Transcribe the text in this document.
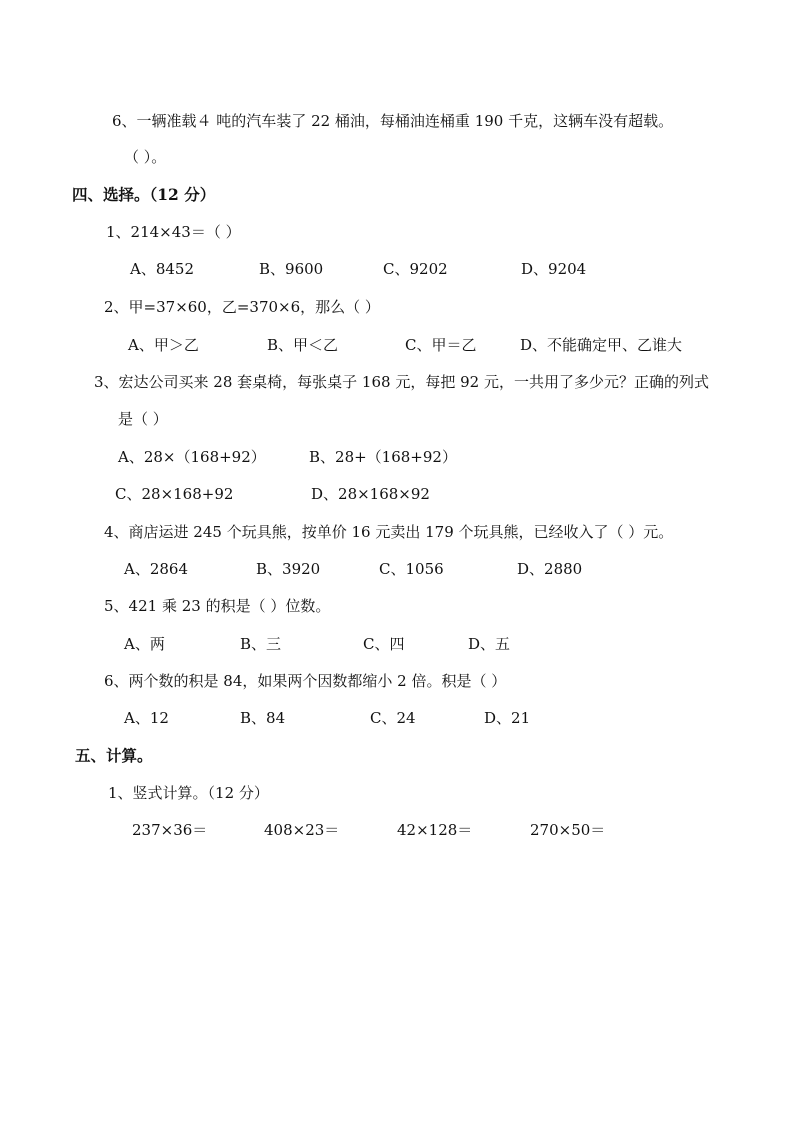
6、一辆准载４ 吨的汽车装了 22 桶油，每桶油连桶重 190 千克，这辆车没有超载。
（ ）。
四、选择。（12 分）
1、214×43＝（ ）
A、8452	B、9600	C、9202	D、9204
2、甲=37×60，乙=370×6，那么（ ）
A、甲＞乙	B、甲＜乙	C、甲＝乙	D、不能确定甲、乙谁大
3、宏达公司买来 28 套桌椅，每张桌子 168 元，每把 92 元，一共用了多少元？正确的列式
是（ ）
A、28×（168+92）	B、28+（168+92）
C、28×168+92	D、28×168×92
4、商店运进 245 个玩具熊，按单价 16 元卖出 179 个玩具熊，已经收入了（ ）元。
A、2864	B、3920	C、1056	D、2880
5、421 乘 23 的积是（ ）位数。
A、两	B、三	C、四	D、五
6、两个数的积是 84，如果两个因数都缩小 2 倍。积是（ ）
A、12	B、84	C、24	D、21
五、计算。
1、竖式计算。（12 分）
237×36＝	408×23＝	42×128＝	270×50＝
